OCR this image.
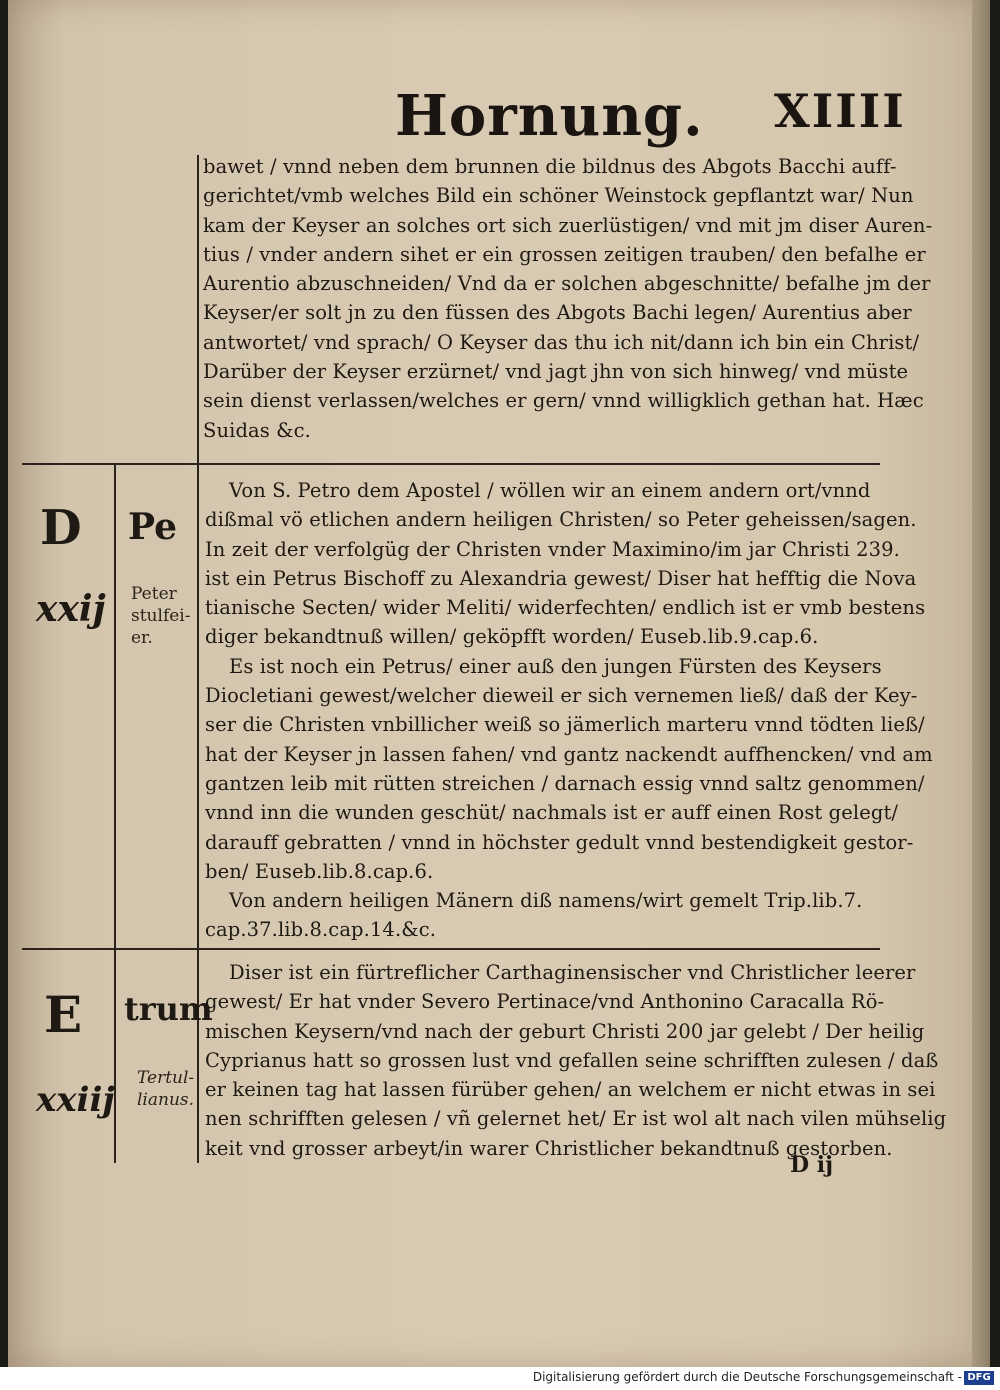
Hornung. XIIII
bawet / vnnd neben dem brunnen die bildnus des Abgots Bacchi auff-
gerichtet/vmb welches Bild ein schöner Weinstock gepflantzt war/ Nun
kam der Keyser an solches ort sich zuerlüstigen/ vnd mit jm diser Auren-
tius / vnder andern sihet er ein grossen zeitigen trauben/ den befalhe er
Aurentio abzuschneiden/ Vnd da er solchen abgeschnitte/ befalhe jm der
Keyser/er solt jn zu den füssen des Abgots Bachi legen/ Aurentius aber
antwortet/ vnd sprach/ O Keyser das thu ich nit/dann ich bin ein Christ/
Darüber der Keyser erzürnet/ vnd jagt jhn von sich hinweg/ vnd müste
sein dienst verlassen/welches er gern/ vnnd willigklich gethan hat. Hæc
Suidas &c.
D Pe
xxij Peter
stulfei-
er.
Von S. Petro dem Apostel / wöllen wir an einem andern ort/vnnd
dißmal vö etlichen andern heiligen Christen/ so Peter geheissen/sagen.
In zeit der verfolgüg der Christen vnder Maximino/im jar Christi 239.
ist ein Petrus Bischoff zu Alexandria gewest/ Diser hat hefftig die Nova
tianische Secten/ wider Meliti/ widerfechten/ endlich ist er vmb bestens
diger bekandtnuß willen/ geköpfft worden/ Euseb.lib.9.cap.6.
Es ist noch ein Petrus/ einer auß den jungen Fürsten des Keysers
Diocletiani gewest/welcher dieweil er sich vernemen ließ/ daß der Key-
ser die Christen vnbillicher weiß so jämerlich marteru vnnd tödten ließ/
hat der Keyser jn lassen fahen/ vnd gantz nackendt auffhencken/ vnd am
gantzen leib mit rütten streichen / darnach essig vnnd saltz genommen/
vnnd inn die wunden geschüt/ nachmals ist er auff einen Rost gelegt/
darauff gebratten / vnnd in höchster gedult vnnd bestendigkeit gestor-
ben/ Euseb.lib.8.cap.6.
Von andern heiligen Mänern diß namens/wirt gemelt Trip.lib.7.
cap.37.lib.8.cap.14.&c.
E trum
xxiij
Tertul-
lianus.
Diser ist ein fürtreflicher Carthaginensischer vnd Christlicher leerer
gewest/ Er hat vnder Severo Pertinace/vnd Anthonino Caracalla Rö-
mischen Keysern/vnd nach der geburt Christi 200 jar gelebt / Der heilig
Cyprianus hatt so grossen lust vnd gefallen seine schrifften zulesen / daß
er keinen tag hat lassen fürüber gehen/ an welchem er nicht etwas in sei
nen schrifften gelesen / vñ gelernet het/ Er ist wol alt nach vilen mühselig
keit vnd grosser arbeyt/in warer Christlicher bekandtnuß gestorben.
D ij
Digitalisierung gefördert durch die Deutsche Forschungsgemeinschaft - DFG
